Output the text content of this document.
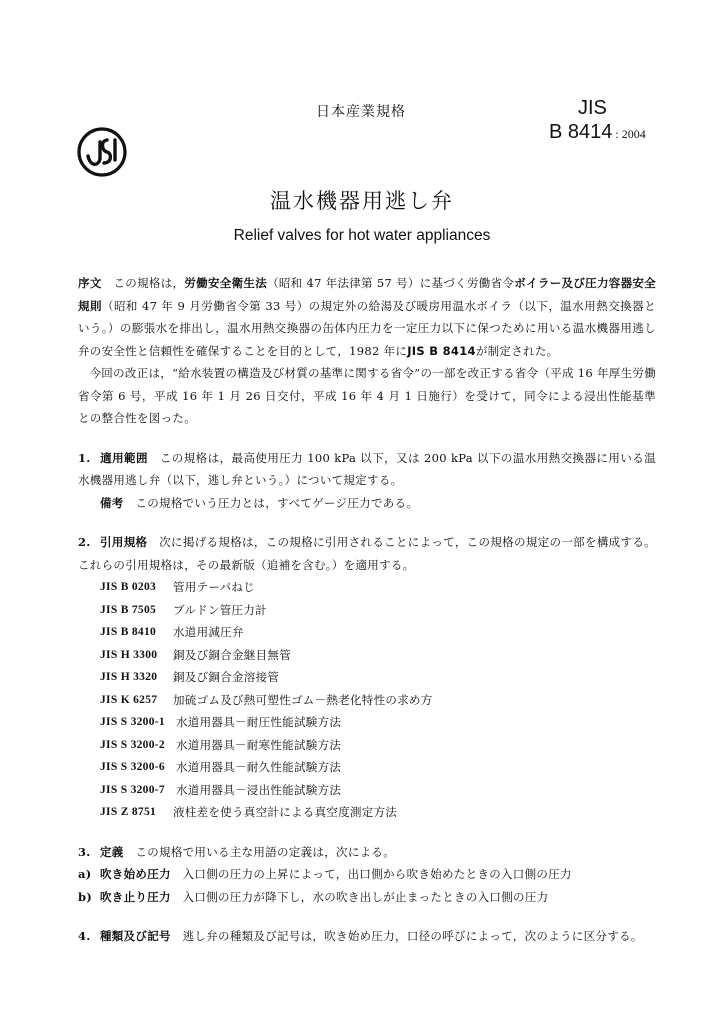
日本産業規格	JIS
B 8414 : 2004
温水機器用逃し弁
Relief valves for hot water appliances

序文　 この規格は，労働安全衛生法（昭和 47 年法律第 57 号）に基づく労働省令ボイラー及び圧力容器安全規則（昭和 47 年 9 月労働省令第 33 号）の規定外の給湯及び暖房用温水ボイラ（以下，温水用熱交換器という。）の膨張水を排出し，温水用熱交換器の缶体内圧力を一定圧力以下に保つために用いる温水機器用逃し弁の安全性と信頼性を確保することを目的として，1982 年にJIS B 8414が制定された。

今回の改正は，“給水装置の構造及び材質の基準に関する省令”の一部を改正する省令（平成 16 年厚生労働省令第 6 号，平成 16 年 1 月 26 日交付，平成 16 年 4 月 1 日施行）を受けて，同令による浸出性能基準との整合性を図った。

1. 適用範囲　 この規格は，最高使用圧力 100 kPa 以下，又は 200 kPa 以下の温水用熱交換器に用いる温水機器用逃し弁（以下，逃し弁という。）について規定する。

備考　 この規格でいう圧力とは，すべてゲージ圧力である。

2. 引用規格　 次に掲げる規格は，この規格に引用されることによって，この規格の規定の一部を構成する。これらの引用規格は，その最新版（追補を含む。）を適用する。

JIS B 0203	管用テーパねじ
JIS B 7505	ブルドン管圧力計
JIS B 8410	水道用減圧弁
JIS H 3300	銅及び銅合金継目無管
JIS H 3320	銅及び銅合金溶接管
JIS K 6257	加硫ゴム及び熱可塑性ゴム－熱老化特性の求め方
JIS S 3200-1 水道用器具－耐圧性能試験方法
JIS S 3200-2 水道用器具－耐寒性能試験方法
JIS S 3200-6 水道用器具－耐久性能試験方法
JIS S 3200-7 水道用器具－浸出性能試験方法
JIS Z 8751	液柱差を使う真空計による真空度測定方法

3. 定義　 この規格で用いる主な用語の定義は，次による。

a) 吹き始め圧力　 入口側の圧力の上昇によって，出口側から吹き始めたときの入口側の圧力

b) 吹き止り圧力　 入口側の圧力が降下し，水の吹き出しが止まったときの入口側の圧力

4. 種類及び記号　 逃し弁の種類及び記号は，吹き始め圧力，口径の呼びによって，次のように区分する。
